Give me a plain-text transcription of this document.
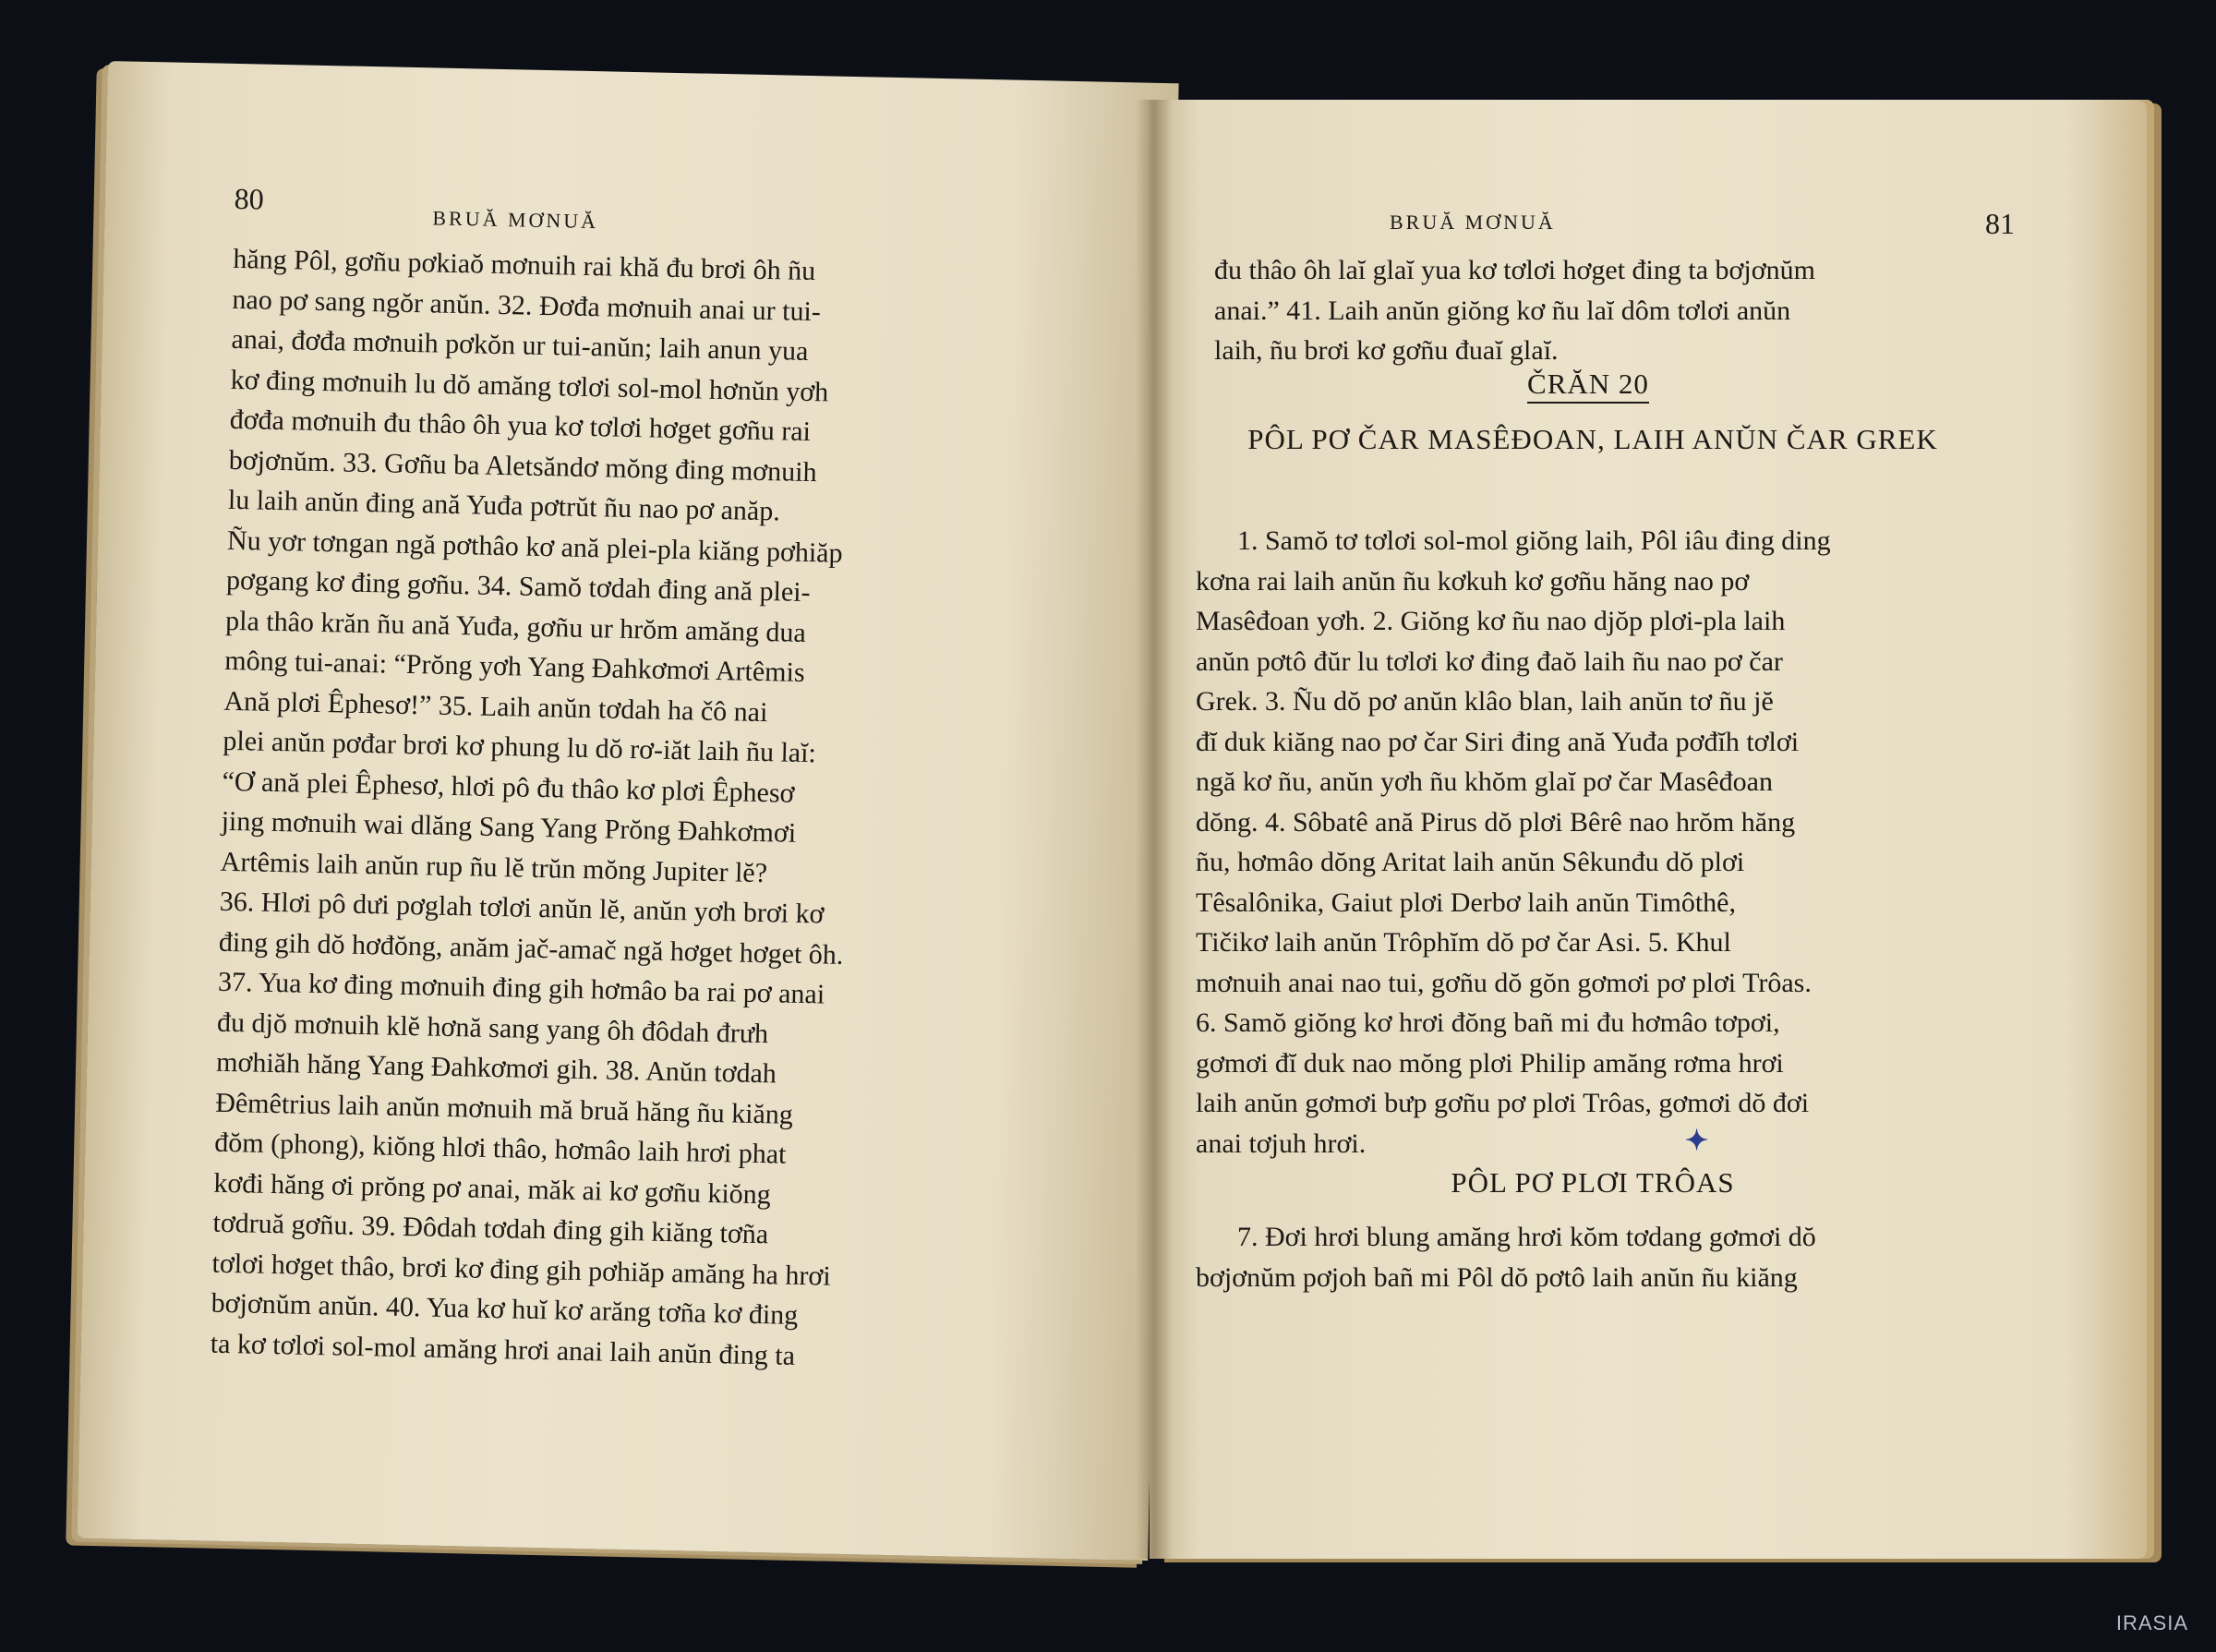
80
BRUĂ MƠNUĂ
hăng Pôl, gơñu pơkiaŏ mơnuih rai khă đu brơi ôh ñu
nao pơ sang ngŏr anŭn. 32. Đơđa mơnuih anai ur tui-
anai, đơđa mơnuih pơkŏn ur tui-anŭn; laih anun yua
kơ đing mơnuih lu dŏ amăng tơlơi sol-mol hơnŭn yơh
đơđa mơnuih đu thâo ôh yua kơ tơlơi hơget gơñu rai
bơjơnŭm. 33. Gơñu ba Aletsăndơ mŏng đing mơnuih
lu laih anŭn đing ană Yuđa pơtrŭt ñu nao pơ anăp.
Ñu yơr tơngan ngă pơthâo kơ ană plei-pla kiăng pơhiăp
pơgang kơ đing gơñu. 34. Samŏ tơdah đing ană plei-
pla thâo krăn ñu ană Yuđa, gơñu ur hrŏm amăng dua
mông tui-anai: “Prŏng yơh Yang Đahkơmơi Artêmis
Ană plơi Êphesơ!” 35. Laih anŭn tơdah ha čô nai
plei anŭn pơđar brơi kơ phung lu dŏ rơ-iăt laih ñu laĭ:
“Ơ ană plei Êphesơ, hlơi pô đu thâo kơ plơi Êphesơ
jing mơnuih wai dlăng Sang Yang Prŏng Đahkơmơi
Artêmis laih anŭn rup ñu lĕ trŭn mŏng Jupiter lĕ?
36. Hlơi pô dưi pơglah tơlơi anŭn lĕ, anŭn yơh brơi kơ
đing gih dŏ hơđŏng, anăm jač-amač ngă hơget hơget ôh.
37. Yua kơ đing mơnuih đing gih hơmâo ba rai pơ anai
đu djŏ mơnuih klĕ hơnă sang yang ôh đôdah đrưh
mơhiăh hăng Yang Đahkơmơi gih. 38. Anŭn tơdah
Đêmêtrius laih anŭn mơnuih mă bruă hăng ñu kiăng
đŏm (phong), kiŏng hlơi thâo, hơmâo laih hrơi phat
kơđi hăng ơi prŏng pơ anai, măk ai kơ gơñu kiŏng
tơdruă gơñu. 39. Đôdah tơdah đing gih kiăng tơña
tơlơi hơget thâo, brơi kơ đing gih pơhiăp amăng ha hrơi
bơjơnŭm anŭn. 40. Yua kơ huĭ kơ arăng tơña kơ đing
ta kơ tơlơi sol-mol amăng hrơi anai laih anŭn đing ta
BRUĂ MƠNUĂ	81
đu thâo ôh laĭ glaĭ yua kơ tơlơi hơget đing ta bơjơnŭm
anai.” 41. Laih anŭn giŏng kơ ñu laĭ dôm tơlơi anŭn
laih, ñu brơi kơ gơñu đuaĭ glaĭ.
ČRĂN 20
PÔL PƠ ČAR MASÊĐOAN, LAIH ANŬN ČAR GREK
1. Samŏ tơ tơlơi sol-mol giŏng laih, Pôl iâu đing ding
kơna rai laih anŭn ñu kơkuh kơ gơñu hăng nao pơ
Masêđoan yơh. 2. Giŏng kơ ñu nao djŏp plơi-pla laih
anŭn pơtô đŭr lu tơlơi kơ đing đaŏ laih ñu nao pơ čar
Grek. 3. Ñu dŏ pơ anŭn klâo blan, laih anŭn tơ ñu jĕ
đĭ duk kiăng nao pơ čar Siri đing ană Yuđa pơđĭh tơlơi
ngă kơ ñu, anŭn yơh ñu khŏm glaĭ pơ čar Masêđoan
dŏng. 4. Sôbatê ană Pirus dŏ plơi Bêrê nao hrŏm hăng
ñu, hơmâo dŏng Aritat laih anŭn Sêkunđu dŏ plơi
Têsalônika, Gaiut plơi Derbơ laih anŭn Timôthê,
Tičikơ laih anŭn Trôphĭm dŏ pơ čar Asi. 5. Khul
mơnuih anai nao tui, gơñu dŏ gŏn gơmơi pơ plơi Trôas.
6. Samŏ giŏng kơ hrơi đŏng bañ mi đu hơmâo tơpơi,
gơmơi đĭ duk nao mŏng plơi Philip amăng rơma hrơi
laih anŭn gơmơi bưp gơñu pơ plơi Trôas, gơmơi dŏ đơi
anai tơjuh hrơi.
PÔL PƠ PLƠI TRÔAS
7. Đơi hrơi blung amăng hrơi kŏm tơdang gơmơi dŏ
bơjơnŭm pơjoh bañ mi Pôl dŏ pơtô laih anŭn ñu kiăng
✦
IRASIA
